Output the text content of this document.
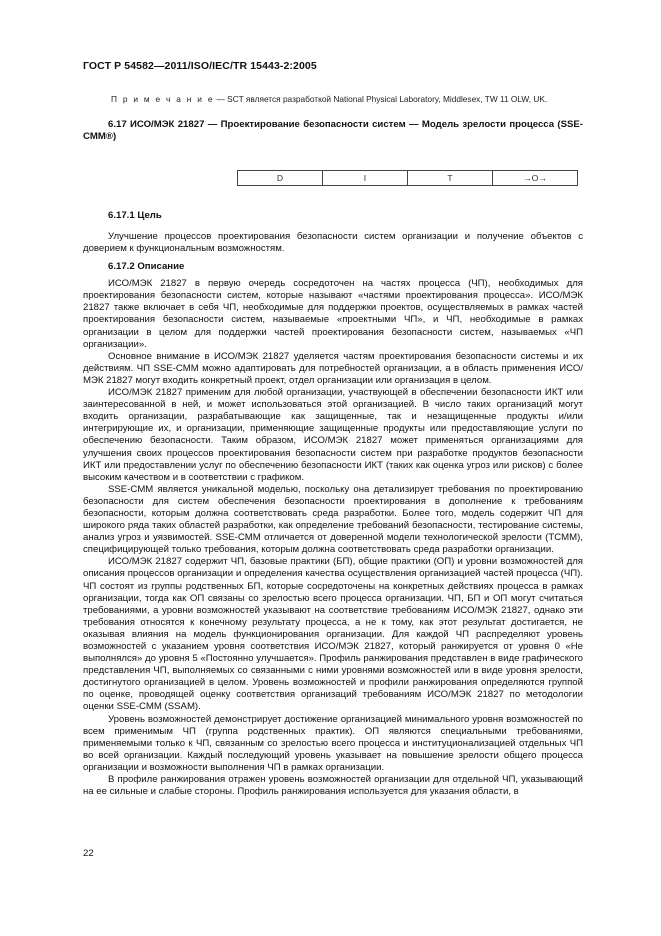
ГОСТ Р 54582—2011/ISO/IEC/TR 15443-2:2005

П р и м е ч а н и е — SCT является разработкой National Physical Laboratory, Middlesex, TW 11 OLW, UK.

6.17 ИСО/МЭК 21827 — Проектирование безопасности систем — Модель зрелости процесса (SSE-CMM®)

D	I	T	→O→

6.17.1 Цель

Улучшение процессов проектирования безопасности систем организации и получение объектов с доверием к функциональным возможностям.

6.17.2 Описание

ИСО/МЭК 21827 в первую очередь сосредоточен на частях процесса (ЧП), необходимых для проектирования безопасности систем, которые называют «частями проектирования процесса». ИСО/МЭК 21827 также включает в себя ЧП, необходимые для поддержки проектов, осуществляемых в рамках частей проектирования безопасности систем, называемые «проектными ЧП», и ЧП, необходимые в рамках организации в целом для поддержки частей проектирования безопасности систем, называемых «ЧП организации».

Основное внимание в ИСО/МЭК 21827 уделяется частям проектирования безопасности системы и их действиям. ЧП SSE-CMM можно адаптировать для потребностей организации, а в область применения ИСО/МЭК 21827 могут входить конкретный проект, отдел организации или организация в целом.

ИСО/МЭК 21827 применим для любой организации, участвующей в обеспечении безопасности ИКТ или заинтересованной в ней, и может использоваться этой организацией. В число таких организаций могут входить организации, разрабатывающие как защищенные, так и незащищенные продукты и/или интегрирующие их, и организации, применяющие защищенные продукты или предоставляющие услуги по обеспечению безопасности. Таким образом, ИСО/МЭК 21827 может применяться организациями для улучшения своих процессов проектирования безопасности систем при разработке продуктов безопасности ИКТ или предоставлении услуг по обеспечению безопасности ИКТ (таких как оценка угроз или рисков) с более высоким качеством и в соответствии с графиком.

SSE-CMM является уникальной моделью, поскольку она детализирует требования по проектированию безопасности для систем обеспечения безопасности проектирования в дополнение к требованиям безопасности, которым должна соответствовать среда разработки. Более того, модель содержит ЧП для широкого ряда таких областей разработки, как определение требований безопасности, тестирование системы, анализ угроз и уязвимостей. SSE-CMM отличается от доверенной модели технологической зрелости (TCMM), специфицирующей только требования, которым должна соответствовать среда разработки организации.

ИСО/МЭК 21827 содержит ЧП, базовые практики (БП), общие практики (ОП) и уровни возможностей для описания процессов организации и определения качества осуществления организацией частей процесса (ЧП). ЧП состоят из группы родственных БП, которые сосредоточены на конкретных действиях процесса в рамках организации, тогда как ОП связаны со зрелостью всего процесса организации. ЧП, БП и ОП могут считаться требованиями, а уровни возможностей указывают на соответствие требованиям ИСО/МЭК 21827, однако эти требования относятся к конечному результату процесса, а не к тому, как этот результат достигается, не оказывая влияния на модель функционирования организации. Для каждой ЧП распределяют уровень возможностей с указанием уровня соответствия ИСО/МЭК 21827, который ранжируется от уровня 0 «Не выполнялся» до уровня 5 «Постоянно улучшается». Профиль ранжирования представлен в виде графического представления ЧП, выполняемых со связанными с ними уровнями возможностей или в виде уровня зрелости, достигнутого организацией в целом. Уровень возможностей и профили ранжирования определяются группой по оценке, проводящей оценку соответствия организаций требованиям ИСО/МЭК 21827 по методологии оценки SSE-CMM (SSAM).

Уровень возможностей демонстрирует достижение организацией минимального уровня возможностей по всем применимым ЧП (группа родственных практик). ОП являются специальными требованиями, применяемыми только к ЧП, связанным со зрелостью всего процесса и институционализацией отдельных ЧП во всей организации. Каждый последующий уровень указывает на повышение зрелости общего процесса организации и возможности выполнения ЧП в рамках организации.

В профиле ранжирования отражен уровень возможностей организации для отдельной ЧП, указывающий на ее сильные и слабые стороны. Профиль ранжирования используется для указания области, в

22
